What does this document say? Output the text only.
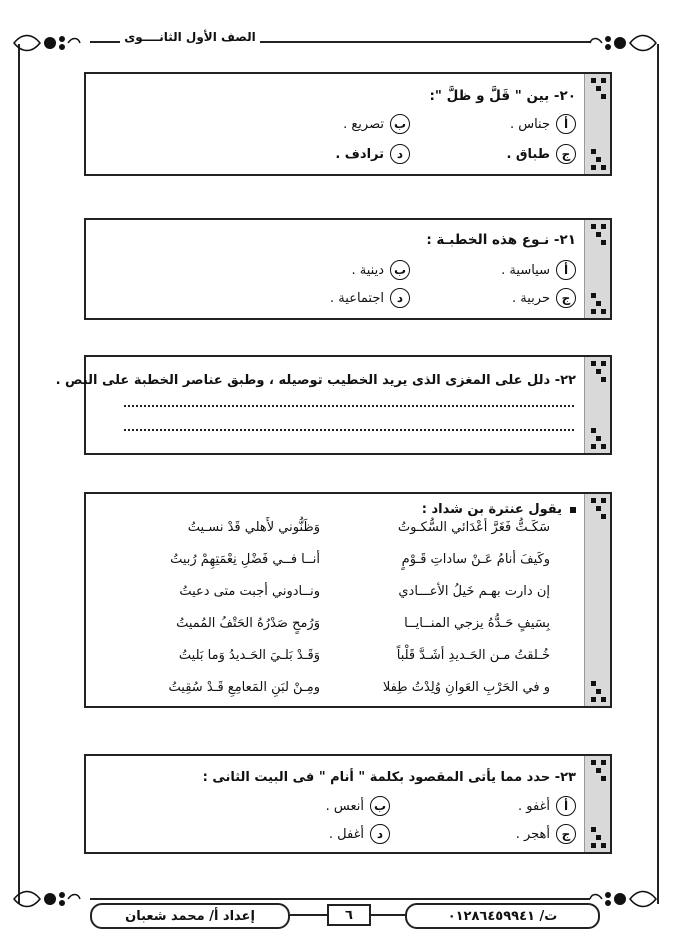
الصف الأول الثانــــوى
٢٠- بين " قَلَّ و ظلَّ ":
أ
جناس .
ب
تصريع .
ج
طباق .
د
ترادف .
٢١- نـوع هذه الخطبـة :
أ
سياسية .
ب
دينية .
ج
حربية .
د
اجتماعية .
٢٢- دلل على المغزى الذى يريد الخطيب توصيله ، وطبق عناصر الخطبة على النص .
يقول عنترة بن شداد :
سَكَـتُّ فَغَرَّ أعْدَائي السُّكـوتُ
وَظَنُّوني لأَهلي قَدْ نسـيتُ
وكَيفَ أنامُ عَـنْ ساداتِ قَـوْمٍ
أنــا فــي فَضْلِ نِعْمَتِهِمْ رُبيتُ
إن دارت بهـم خَيلُ الأعـــادي
ونــادوني أجبت متى دعيتُ
بِسَيفٍ حَـدُّهُ يزجي المنــايــا
وَرُمحٍ صَدْرُهُ الحَتْفُ المُميتُ
خُـلقتُ مـن الحَـديدِ أشَـدَّ قَلْباً
وَقَـدْ بَلـيَ الحَـديدُ وَما بَليتُ
و في الحَرْبِ العَوانِ وُلِدْتُ طِفلا
ومِـنْ لبَنِ المَعامِعِ قَـدْ سُقِيتُ
٢٣- حدد مما يأتى المقصود بكلمة " أنام " فى البيت الثانى :
أ
أغفو .
ب
أنعس .
ج
أهجر .
د
أغفل .
إعداد أ/ محمد شعبان	٦	ت/ ٠١٢٨٦٤٥٩٩٤١
